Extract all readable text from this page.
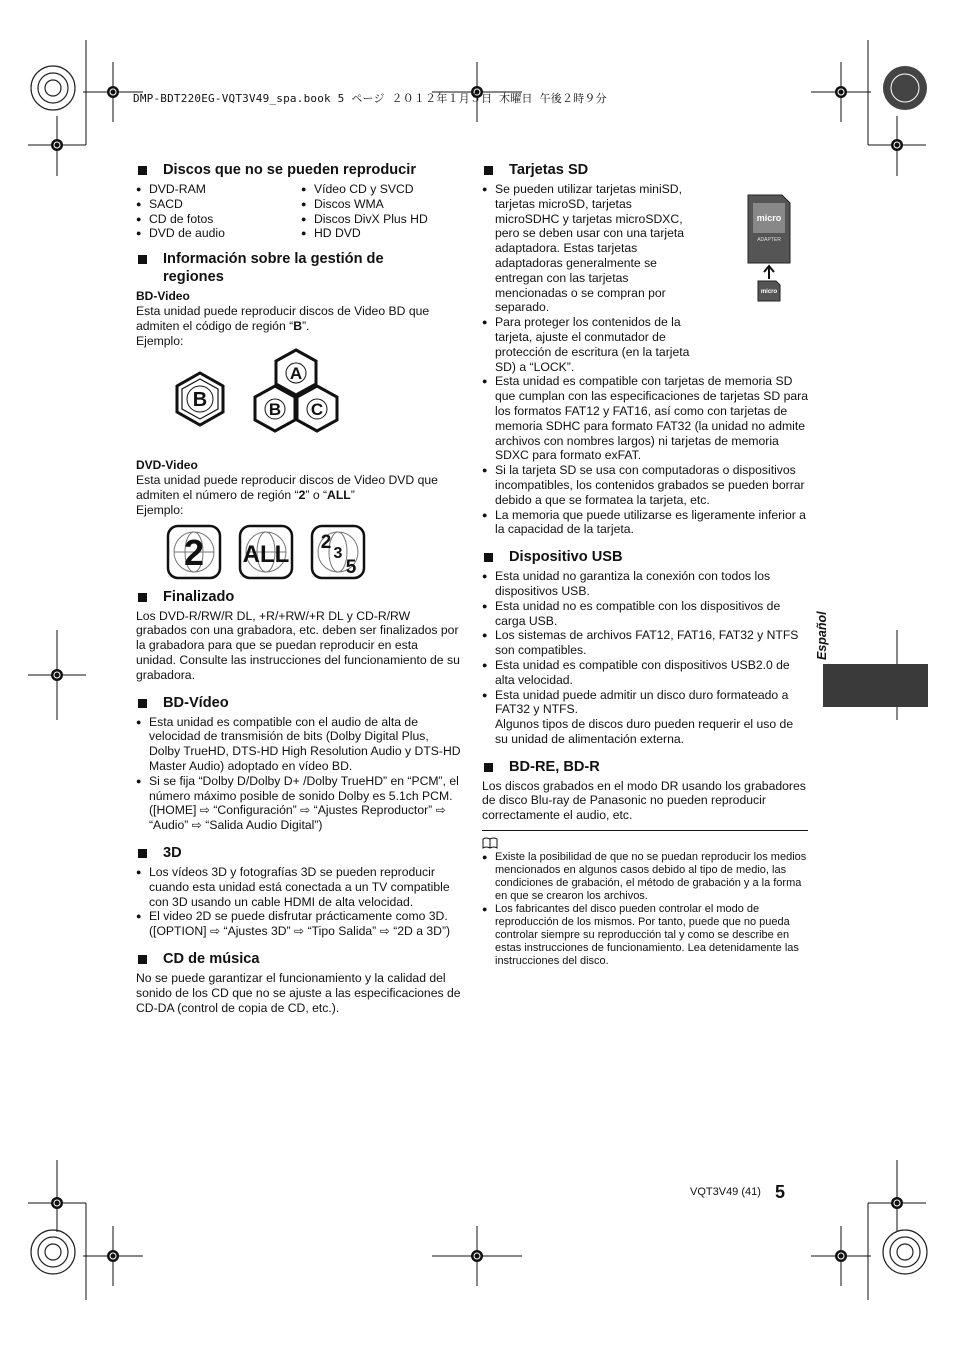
DMP-BDT220EG-VQT3V49_spa.book 5 ページ ２０１２年１月５日 木曜日 午後２時９分
Discos que no se pueden reproducir
● DVD-RAM	● Vídeo CD y SVCD
● SACD	● Discos WMA
● CD de fotos	● Discos DivX Plus HD
● DVD de audio	● HD DVD
Información sobre la gestión de regiones
BD-Video

Esta unidad puede reproducir discos de Video BD que admiten el código de región “B”.

Ejemplo:

B
A
B C
DVD-Video

Esta unidad puede reproducir discos de Video DVD que admiten el número de región “2” o “ALL”

Ejemplo:

2 ALL 2
3
5
Finalizado

Los DVD-R/RW/R DL, +R/+RW/+R DL y CD-R/RW grabados con una grabadora, etc. deben ser finalizados por la grabadora para que se puedan reproducir en esta unidad. Consulte las instrucciones del funcionamiento de su grabadora.

BD-Vídeo
● Esta unidad es compatible con el audio de alta de velocidad de transmisión de bits (Dolby Digital Plus, Dolby TrueHD, DTS-HD High Resolution Audio y DTS-HD Master Audio) adoptado en vídeo BD.
● Si se fija “Dolby D/Dolby D+ /Dolby TrueHD” en “PCM”, el número máximo posible de sonido Dolby es 5.1ch PCM. ([HOME] ⇨ “Configuración” ⇨ “Ajustes Reproductor” ⇨ “Audio” ⇨ “Salida Audio Digital”)
3D
● Los vídeos 3D y fotografías 3D se pueden reproducir cuando esta unidad está conectada a un TV compatible con 3D usando un cable HDMI de alta velocidad.
● El video 2D se puede disfrutar prácticamente como 3D. ([OPTION] ⇨ “Ajustes 3D” ⇨ “Tipo Salida” ⇨ “2D a 3D”)
CD de música

No se puede garantizar el funcionamiento y la calidad del sonido de los CD que no se ajuste a las especificaciones de CD-DA (control de copia de CD, etc.).

Tarjetas SD
micro
ADAPTER
micro
● Se pueden utilizar tarjetas miniSD, tarjetas microSD, tarjetas microSDHC y tarjetas microSDXC, pero se deben usar con una tarjeta adaptadora. Estas tarjetas adaptadoras generalmente se entregan con las tarjetas mencionadas o se compran por separado.
● Para proteger los contenidos de la tarjeta, ajuste el conmutador de protección de escritura (en la tarjeta SD) a “LOCK”.
● Esta unidad es compatible con tarjetas de memoria SD que cumplan con las especificaciones de tarjetas SD para los formatos FAT12 y FAT16, así como con tarjetas de memoria SDHC para formato FAT32 (la unidad no admite archivos con nombres largos) ni tarjetas de memoria SDXC para formato exFAT.
● Si la tarjeta SD se usa con computadoras o dispositivos incompatibles, los contenidos grabados se pueden borrar debido a que se formatea la tarjeta, etc.
● La memoria que puede utilizarse es ligeramente inferior a la capacidad de la tarjeta.
Dispositivo USB
● Esta unidad no garantiza la conexión con todos los dispositivos USB.
● Esta unidad no es compatible con los dispositivos de carga USB.
● Los sistemas de archivos FAT12, FAT16, FAT32 y NTFS son compatibles.
● Esta unidad es compatible con dispositivos USB2.0 de alta velocidad.
● Esta unidad puede admitir un disco duro formateado a FAT32 y NTFS.

Algunos tipos de discos duro pueden requerir el uso de su unidad de alimentación externa.

BD-RE, BD-R

Los discos grabados en el modo DR usando los grabadores de disco Blu-ray de Panasonic no pueden reproducir correctamente el audio, etc.

● Existe la posibilidad de que no se puedan reproducir los medios mencionados en algunos casos debido al tipo de medio, las condiciones de grabación, el método de grabación y a la forma en que se crearon los archivos.
● Los fabricantes del disco pueden controlar el modo de reproducción de los mismos. Por tanto, puede que no pueda controlar siempre su reproducción tal y como se describe en estas instrucciones de funcionamiento. Lea detenidamente las instrucciones del disco.
Español
VQT3V49 (41) 5
